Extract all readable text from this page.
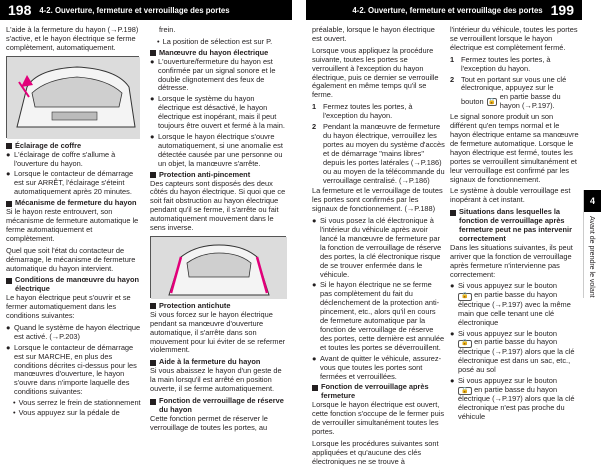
198	4-2. Ouverture, fermeture et verrouillage des portes	4-2. Ouverture, fermeture et verrouillage des portes 199

L'aide à la fermeture du hayon (→P.198) s'active, et le hayon électrique se ferme complètement, automatiquement.

Éclairage de coffre
● L'éclairage de coffre s'allume à l'ouverture du hayon.
● Lorsque le contacteur de démarrage est sur ARRÊT, l'éclairage s'éteint automatiquement après 20 minutes.
Mécanisme de fermeture du hayon

Si le hayon reste entrouvert, son mécanisme de fermeture automatique le ferme automatiquement et complètement.

Quel que soit l'état du contacteur de démarrage, le mécanisme de fermeture automatique du hayon intervient.

Conditions de manœuvre du hayon électrique

Le hayon électrique peut s'ouvrir et se fermer automatiquement dans les conditions suivantes:

● Quand le système de hayon électrique est activé. (→P.203)
● Lorsque le contacteur de démarrage est sur MARCHE, en plus des conditions décrites ci-dessus pour les manœuvres d'ouverture, le hayon s'ouvre dans n'importe laquelle des conditions suivantes:
• Vous serrez le frein de stationnement
• Vous appuyez sur la pédale de

frein.

• La position de sélection est sur P.
Manœuvre du hayon électrique
● L'ouverture/fermeture du hayon est confirmée par un signal sonore et le double clignotement des feux de détresse.
● Lorsque le système du hayon électrique est désactivé, le hayon électrique est inopérant, mais il peut toujours être ouvert et fermé à la main.
● Lorsque le hayon électrique s'ouvre automatiquement, si une anomalie est détectée causée par une personne ou un objet, la manœuvre s'arrête.
Protection anti-pincement

Des capteurs sont disposés des deux côtés du hayon électrique. Si quoi que ce soit fait obstruction au hayon électrique pendant qu'il se ferme, il s'arrête ou fait automatiquement mouvement dans le sens inverse.

Protection antichute

Si vous forcez sur le hayon électrique pendant sa manœuvre d'ouverture automatique, il s'arrête dans son mouvement pour lui éviter de se refermer violemment.

Aide à la fermeture du hayon

Si vous abaissez le hayon d'un geste de la main lorsqu'il est arrêté en position ouverte, il se ferme automatiquement.

Fonction de verrouillage de réserve du hayon

Cette fonction permet de réserver le verrouillage de toutes les portes, au

préalable, lorsque le hayon électrique est ouvert.

Lorsque vous appliquez la procédure suivante, toutes les portes se verrouillent à l'exception du hayon électrique, puis ce dernier se verrouille également en même temps qu'il se ferme.

1 Fermez toutes les portes, à l'exception du hayon.
2 Pendant la manœuvre de fermeture du hayon électrique, verrouillez les portes au moyen du système d'accès et de démarrage "mains libres" depuis les portes latérales (→P.186) ou au moyen de la télécommande du verrouillage centralisé. (→P.186)

La fermeture et le verrouillage de toutes les portes sont confirmés par les signaux de fonctionnement. (→P.188)

● Si vous posez la clé électronique à l'intérieur du véhicule après avoir lancé la manœuvre de fermeture par la fonction de verrouillage de réserve des portes, la clé électronique risque de se trouver enfermée dans le véhicule.
● Si le hayon électrique ne se ferme pas complètement du fait du déclenchement de la protection anti-pincement, etc., alors qu'il en cours de fermeture automatique par la fonction de verrouillage de réserve des portes, cette dernière est annulée et toutes les portes se déverrouillent.
● Avant de quitter le véhicule, assurez-vous que toutes les portes sont fermées et verrouillées.
Fonction de verrouillage après fermeture

Lorsque le hayon électrique est ouvert, cette fonction s'occupe de le fermer puis de verrouiller simultanément toutes les portes.

Lorsque les procédures suivantes sont appliquées et qu'aucune des clés électroniques ne se trouve à

l'intérieur du véhicule, toutes les portes se verrouillent lorsque le hayon électrique est complètement fermé.

1 Fermez toutes les portes, à l'exception du hayon.
2 Tout en portant sur vous une clé électronique, appuyez sur le
bouton 🔒
en partie basse du hayon (→P.197).

Le signal sonore produit un son différent qu'en temps normal et le hayon électrique entame sa manœuvre de fermeture automatique. Lorsque le hayon électrique est fermé, toutes les portes se verrouillent simultanément et leur verrouillage est confirmé par les signaux de fonctionnement.

Le système à double verrouillage est inopérant à cet instant.

Situations dans lesquelles la fonction de verrouillage après fermeture peut ne pas intervenir correctement

Dans les situations suivantes, ils peut arriver que la fonction de verrouillage après fermeture n'intervienne pas correctement:

● Si vous appuyez sur le bouton
🔒 en partie basse du hayon électrique (→P.197) avec la même main que celle tenant une clé électronique
● Si vous appuyez sur le bouton
🔒 en partie basse du hayon électrique (→P.197) alors que la clé électronique est dans un sac, etc., posé au sol
● Si vous appuyez sur le bouton
🔒 en partie basse du hayon électrique (→P.197) alors que la clé électronique n'est pas proche du véhicule
4
Avant de prendre le volant
